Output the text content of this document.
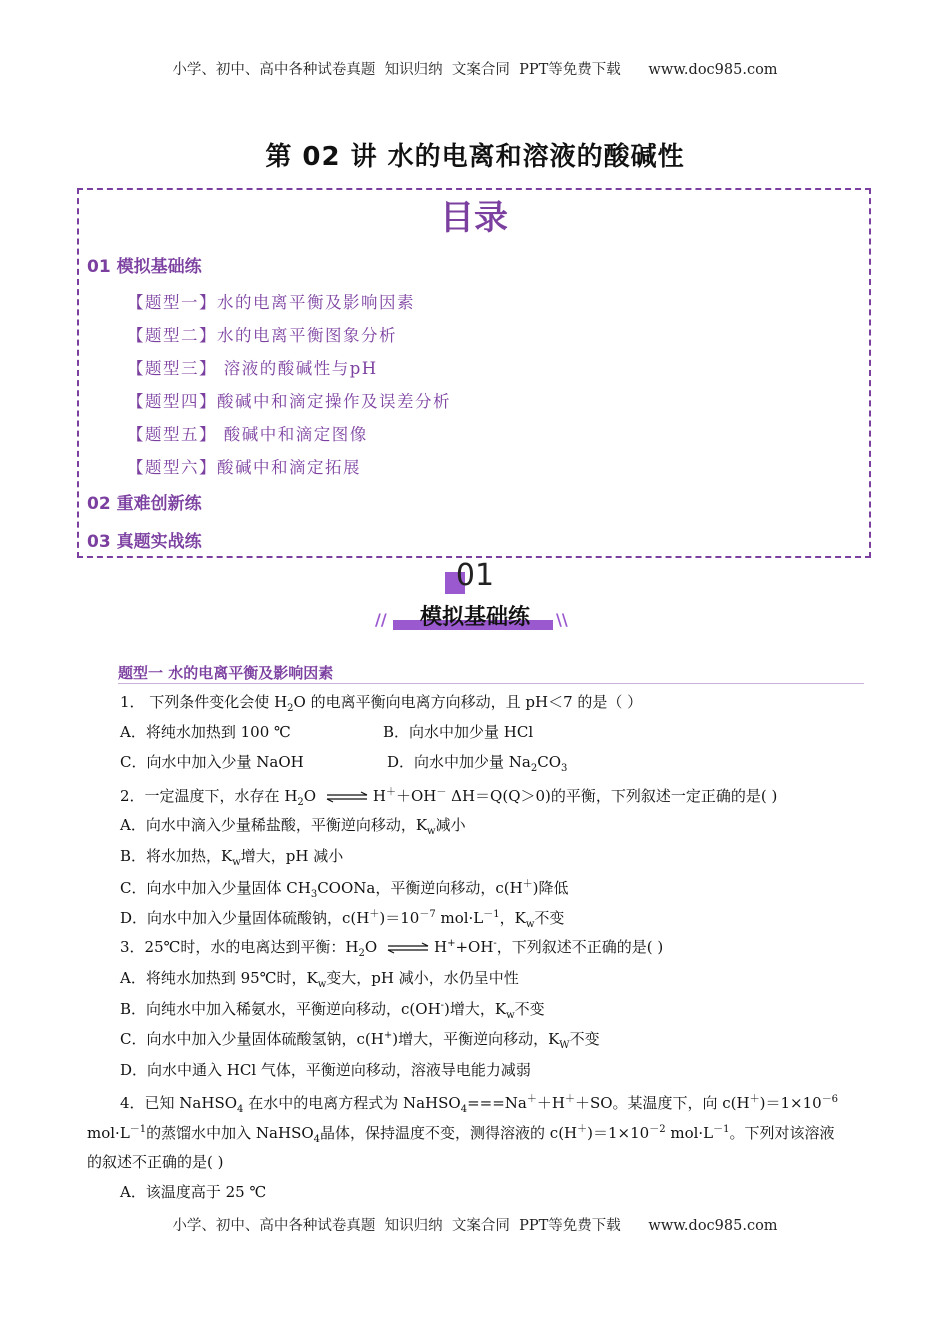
小学、初中、高中各种试卷真题  知识归纳  文案合同  PPT等免费下载      www.doc985.com
第 02 讲 水的电离和溶液的酸碱性
目录
01 模拟基础练
【题型一】水的电离平衡及影响因素
【题型二】水的电离平衡图象分析
【题型三】 溶液的酸碱性与pH
【题型四】酸碱中和滴定操作及误差分析
【题型五】 酸碱中和滴定图像
【题型六】酸碱中和滴定拓展
02 重难创新练
03 真题实战练
01
模拟基础练
//	\\
题型一 水的电离平衡及影响因素
1． 下列条件变化会使 $H_2O$ 的电离平衡向电离方向移动，且 pH＜7 的是（ ）
A．将纯水加热到 100 ℃	B．向水中加少量 HCl
C．向水中加入少量 NaOH	D．向水中加少量 $Na_2CO_3$
2．一定温度下，水存在 $H_2O$ ⇌ H＋＋OH－ ΔH＝Q(Q＞0)的平衡，下列叙述一定正确的是( )
A．向水中滴入少量稀盐酸，平衡逆向移动，$K_w$减小
B．将水加热，$K_w$增大，pH 减小
C．向水中加入少量固体 $CH_3COONa$，平衡逆向移动，c(H＋)降低
D．向水中加入少量固体硫酸钠，$c(H^+)=10^{-7}$ $mol\cdot L^{-1}$，$K_w$不变
3．25℃时，水的电离达到平衡：$H_2O$ ⇌ H++OH-，下列叙述不正确的是( )
A．将纯水加热到 95℃时，$K_w$变大，pH 减小，水仍呈中性
B．向纯水中加入稀氨水，平衡逆向移动，c(OH-)增大，$K_w$不变
C．向水中加入少量固体硫酸氢钠，c(H+)增大，平衡逆向移动，$K_W$不变
D．向水中通入 HCl 气体，平衡逆向移动，溶液导电能力减弱
4．已知 NaHSO$_4$ 在水中的电离方程式为 NaHSO$_4$===Na＋＋H＋＋SO。某温度下，向 $c(H^+)=1\times 10^{-6}$
$mol\cdot L^{-1}$的蒸馏水中加入 NaHSO$_4$晶体，保持温度不变，测得溶液的 $c(H^+)=1\times 10^{-2}$ $mol\cdot L^{-1}$。下列对该溶液
的叙述不正确的是( )
A．该温度高于 25 ℃
小学、初中、高中各种试卷真题  知识归纳  文案合同  PPT等免费下载      www.doc985.com
